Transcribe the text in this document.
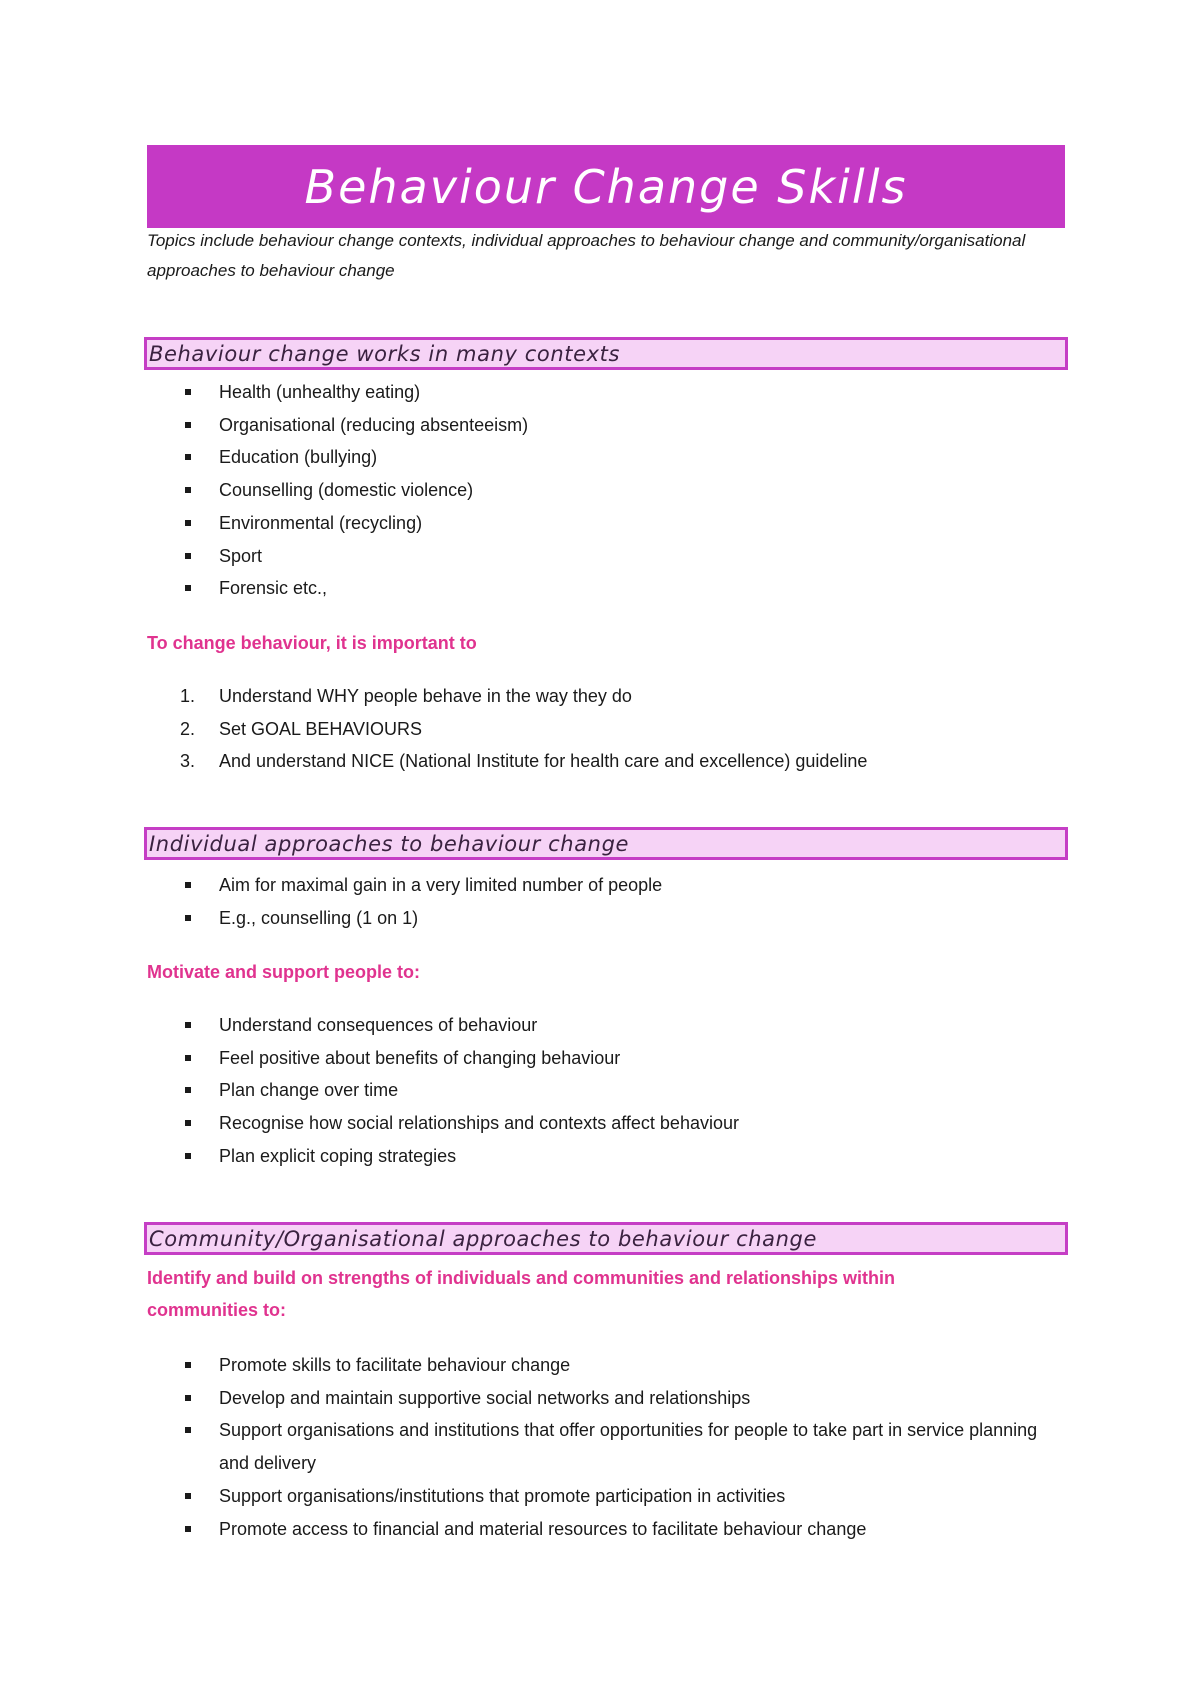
Behaviour Change Skills
Topics include behaviour change contexts, individual approaches to behaviour change and community/organisational approaches to behaviour change
Behaviour change works in many contexts
Health (unhealthy eating)
Organisational (reducing absenteeism)
Education (bullying)
Counselling (domestic violence)
Environmental (recycling)
Sport
Forensic etc.,
To change behaviour, it is important to
1. Understand WHY people behave in the way they do
2. Set GOAL BEHAVIOURS
3. And understand NICE (National Institute for health care and excellence) guideline
Individual approaches to behaviour change
Aim for maximal gain in a very limited number of people
E.g., counselling (1 on 1)
Motivate and support people to:
Understand consequences of behaviour
Feel positive about benefits of changing behaviour
Plan change over time
Recognise how social relationships and contexts affect behaviour
Plan explicit coping strategies
Community/Organisational approaches to behaviour change
Identify and build on strengths of individuals and communities and relationships within communities to:
Promote skills to facilitate behaviour change
Develop and maintain supportive social networks and relationships
Support organisations and institutions that offer opportunities for people to take part in service planning and delivery
Support organisations/institutions that promote participation in activities
Promote access to financial and material resources to facilitate behaviour change
